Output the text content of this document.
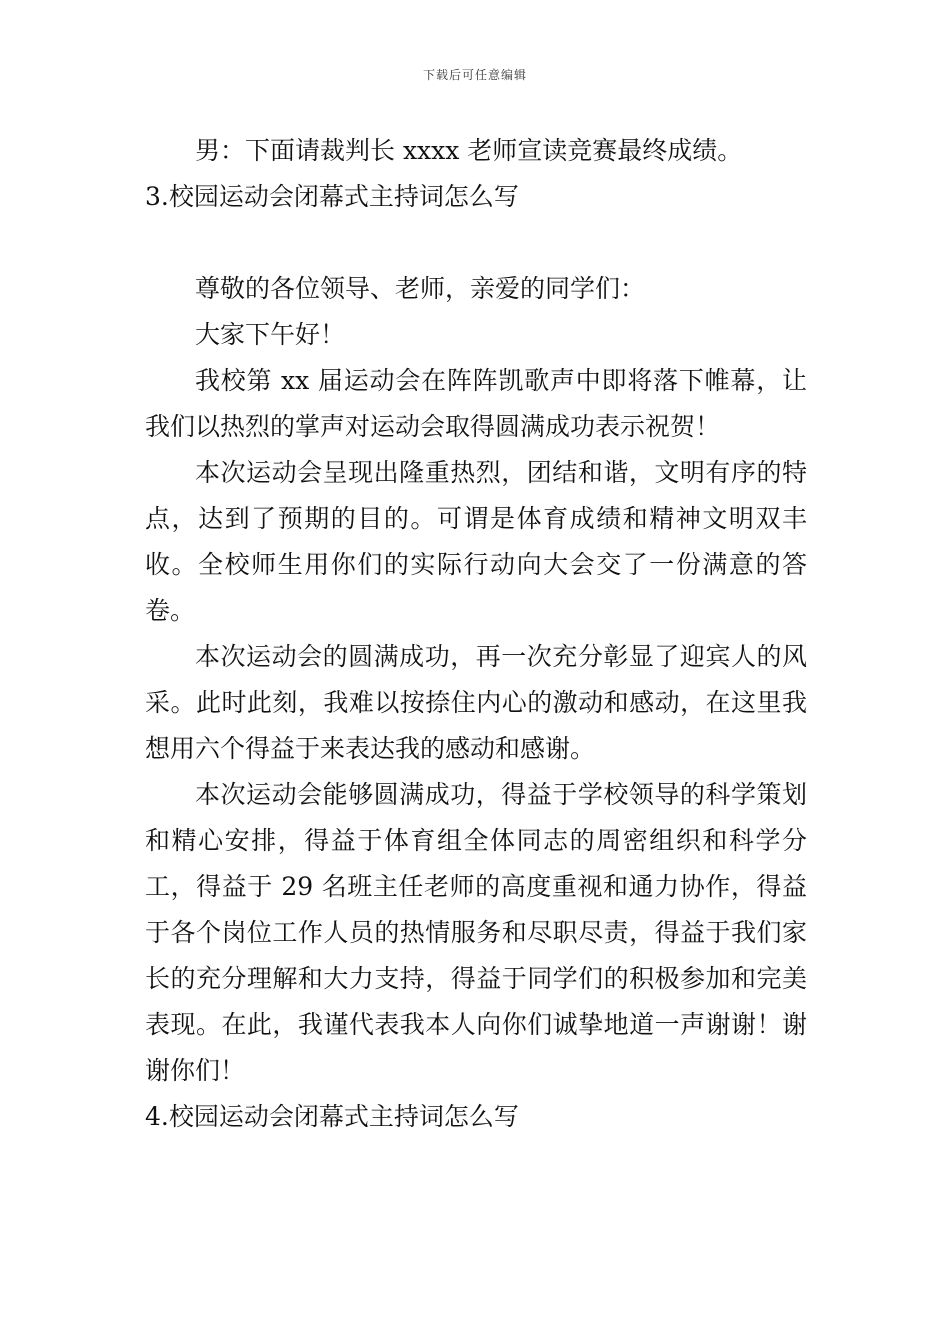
下载后可任意编辑

男：下面请裁判长 xxxx 老师宣读竞赛最终成绩。

3.校园运动会闭幕式主持词怎么写

尊敬的各位领导、老师，亲爱的同学们：

大家下午好！

我校第 xx 届运动会在阵阵凯歌声中即将落下帷幕，让我们以热烈的掌声对运动会取得圆满成功表示祝贺！

本次运动会呈现出隆重热烈，团结和谐，文明有序的特点，达到了预期的目的。可谓是体育成绩和精神文明双丰收。全校师生用你们的实际行动向大会交了一份满意的答卷。

本次运动会的圆满成功，再一次充分彰显了迎宾人的风采。此时此刻，我难以按捺住内心的激动和感动，在这里我想用六个得益于来表达我的感动和感谢。

本次运动会能够圆满成功，得益于学校领导的科学策划和精心安排，得益于体育组全体同志的周密组织和科学分工，得益于 29 名班主任老师的高度重视和通力协作，得益于各个岗位工作人员的热情服务和尽职尽责，得益于我们家长的充分理解和大力支持，得益于同学们的积极参加和完美表现。在此，我谨代表我本人向你们诚挚地道一声谢谢！谢谢你们！

4.校园运动会闭幕式主持词怎么写
